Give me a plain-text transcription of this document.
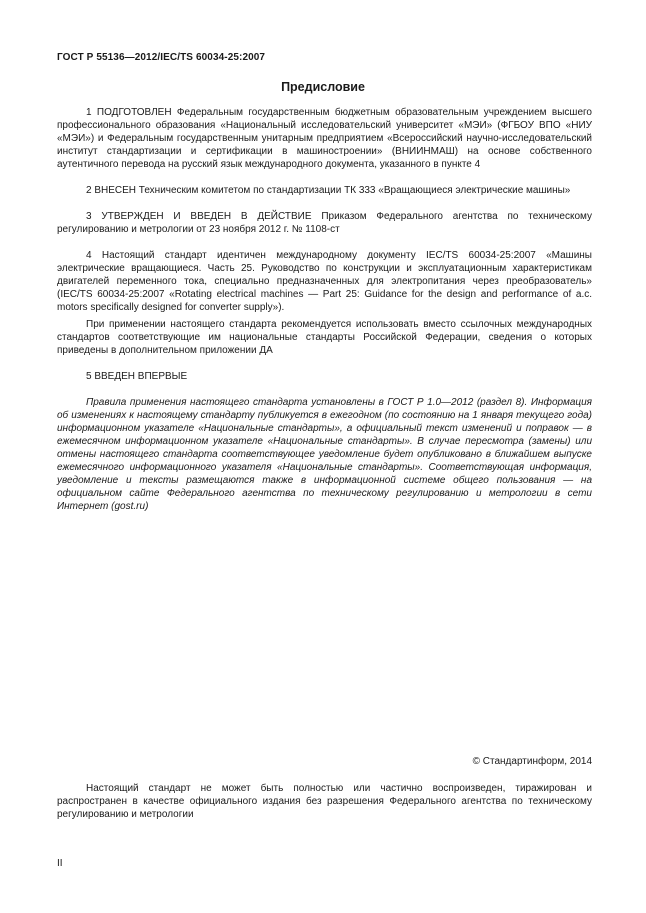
ГОСТ Р 55136—2012/IEC/TS 60034-25:2007
Предисловие

1 ПОДГОТОВЛЕН Федеральным государственным бюджетным образовательным учреждением высшего профессионального образования «Национальный исследовательский университет «МЭИ» (ФГБОУ ВПО «НИУ «МЭИ») и Федеральным государственным унитарным предприятием «Всероссийский научно-исследовательский институт стандартизации и сертификации в машиностроении» (ВНИИНМАШ) на основе собственного аутентичного перевода на русский язык международного документа, указанного в пункте 4

2 ВНЕСЕН Техническим комитетом по стандартизации ТК 333 «Вращающиеся электрические машины»

3 УТВЕРЖДЕН И ВВЕДЕН В ДЕЙСТВИЕ Приказом Федерального агентства по техническому регулированию и метрологии от 23 ноября 2012 г. № 1108-ст

4 Настоящий стандарт идентичен международному документу IEC/TS 60034-25:2007 «Машины электрические вращающиеся. Часть 25. Руководство по конструкции и эксплуатационным характеристикам двигателей переменного тока, специально предназначенных для электропитания через преобразователь» (IEC/TS 60034-25:2007 «Rotating electrical machines — Part 25: Guidance for the design and performance of a.c. motors specifically designed for converter supply»).

При применении настоящего стандарта рекомендуется использовать вместо ссылочных международных стандартов соответствующие им национальные стандарты Российской Федерации, сведения о которых приведены в дополнительном приложении ДА

5 ВВЕДЕН ВПЕРВЫЕ

Правила применения настоящего стандарта установлены в ГОСТ Р 1.0—2012 (раздел 8). Информация об изменениях к настоящему стандарту публикуется в ежегодном (по состоянию на 1 января текущего года) информационном указателе «Национальные стандарты», а официальный текст изменений и поправок — в ежемесячном информационном указателе «Национальные стандарты». В случае пересмотра (замены) или отмены настоящего стандарта соответствующее уведомление будет опубликовано в ближайшем выпуске ежемесячного информационного указателя «Национальные стандарты». Соответствующая информация, уведомление и тексты размещаются также в информационной системе общего пользования — на официальном сайте Федерального агентства по техническому регулированию и метрологии в сети Интернет (gost.ru)

© Стандартинформ, 2014

Настоящий стандарт не может быть полностью или частично воспроизведен, тиражирован и распространен в качестве официального издания без разрешения Федерального агентства по техническому регулированию и метрологии

II
